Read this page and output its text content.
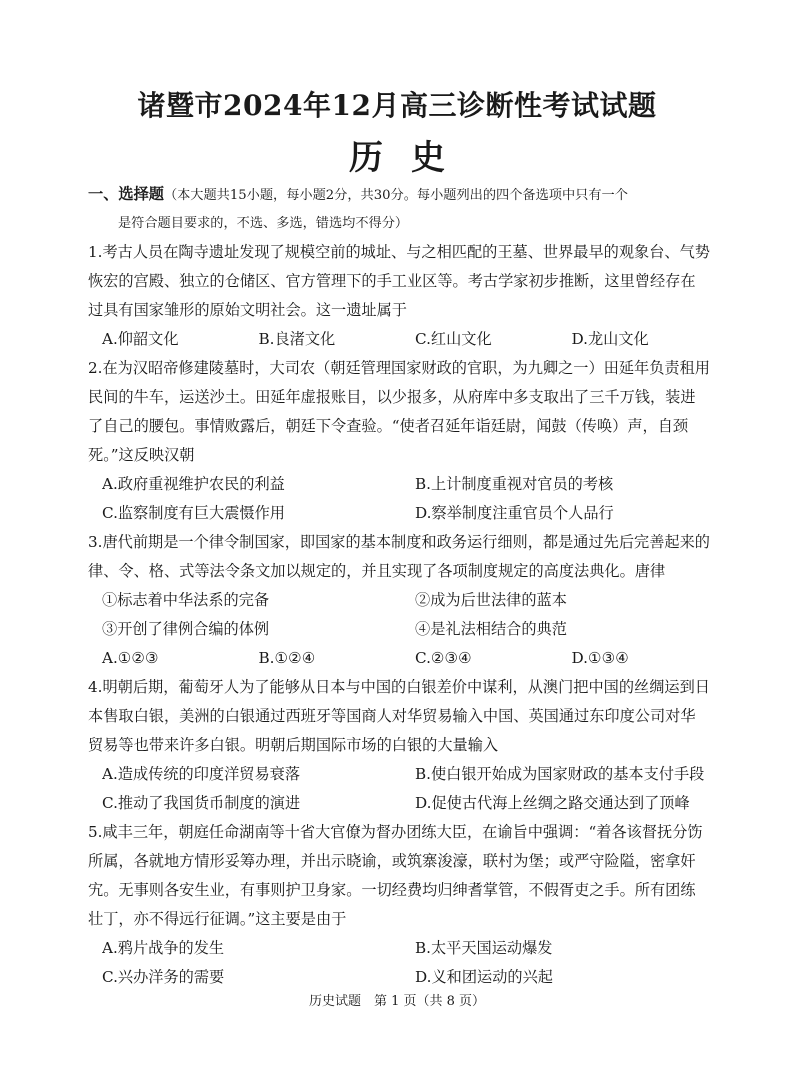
诸暨市2024年12月高三诊断性考试试题
历史
一、选择题（本大题共15小题，每小题2分，共30分。每小题列出的四个备选项中只有一个
是符合题目要求的，不选、多选，错选均不得分）
1.考古人员在陶寺遗址发现了规模空前的城址、与之相匹配的王墓、世界最早的观象台、气势
恢宏的宫殿、独立的仓储区、官方管理下的手工业区等。考古学家初步推断，这里曾经存在
过具有国家雏形的原始文明社会。这一遗址属于
A.仰韶文化	B.良渚文化	C.红山文化	D.龙山文化
2.在为汉昭帝修建陵墓时，大司农（朝廷管理国家财政的官职，为九卿之一）田延年负责租用
民间的牛车，运送沙土。田延年虚报账目，以少报多，从府库中多支取出了三千万钱，装进
了自己的腰包。事情败露后，朝廷下令查验。“使者召延年诣廷尉，闻鼓（传唤）声，自颈
死。”这反映汉朝
A.政府重视维护农民的利益	B.上计制度重视对官员的考核
C.监察制度有巨大震慑作用	D.察举制度注重官员个人品行
3.唐代前期是一个律令制国家，即国家的基本制度和政务运行细则，都是通过先后完善起来的
律、令、格、式等法令条文加以规定的，并且实现了各项制度规定的高度法典化。唐律
①标志着中华法系的完备	②成为后世法律的蓝本
③开创了律例合编的体例	④是礼法相结合的典范
A.①②③	B.①②④	C.②③④	D.①③④
4.明朝后期，葡萄牙人为了能够从日本与中国的白银差价中谋利，从澳门把中国的丝绸运到日
本售取白银，美洲的白银通过西班牙等国商人对华贸易输入中国、英国通过东印度公司对华
贸易等也带来许多白银。明朝后期国际市场的白银的大量输入
A.造成传统的印度洋贸易衰落	B.使白银开始成为国家财政的基本支付手段
C.推动了我国货币制度的演进	D.促使古代海上丝绸之路交通达到了顶峰
5.咸丰三年，朝庭任命湖南等十省大官僚为督办团练大臣，在谕旨中强调：“着各该督抚分饬
所属，各就地方情形妥筹办理，并出示晓谕，或筑寨浚濠，联村为堡；或严守险隘，密拿奸
宄。无事则各安生业，有事则护卫身家。一切经费均归绅耆掌管，不假胥吏之手。所有团练
壮丁，亦不得远行征调。”这主要是由于
A.鸦片战争的发生	B.太平天国运动爆发
C.兴办洋务的需要	D.义和团运动的兴起
历史试题　第 1 页（共 8 页）
